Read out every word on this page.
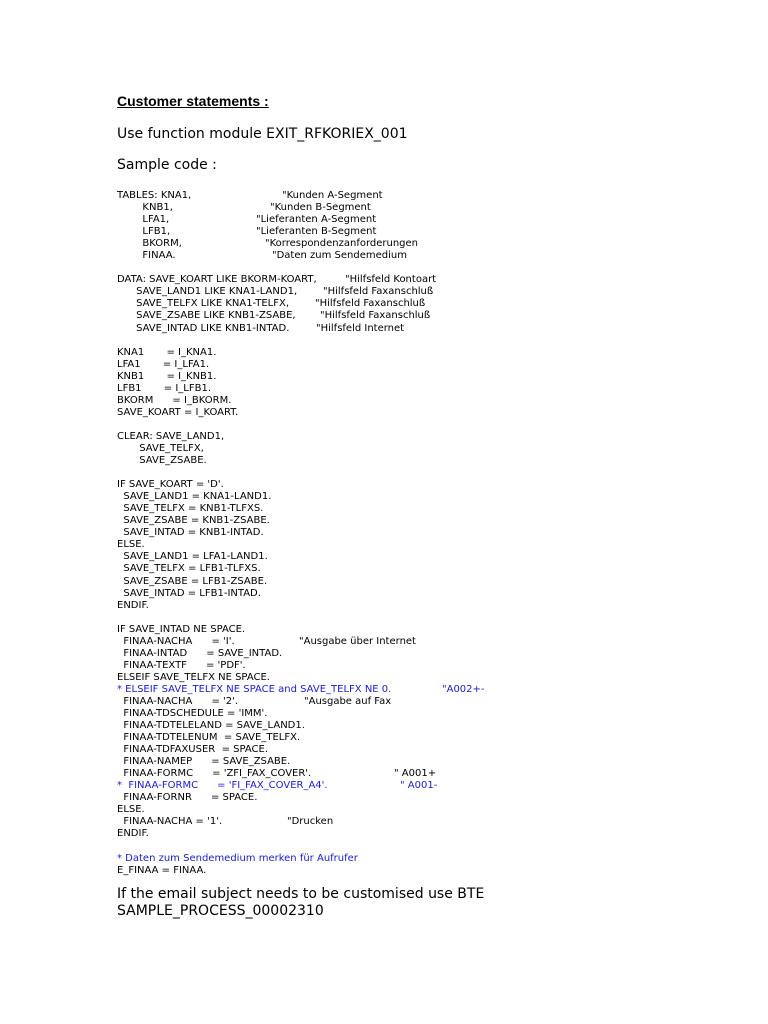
Customer statements :
Use function module EXIT_RFKORIEX_001
Sample code :
TABLES: KNA1,	"Kunden A-Segment
KNB1,	"Kunden B-Segment
LFA1,	"Lieferanten A-Segment
LFB1,	"Lieferanten B-Segment
BKORM,	"Korrespondenzanforderungen
FINAA.	"Daten zum Sendemedium
DATA: SAVE_KOART LIKE BKORM-KOART,	"Hilfsfeld Kontoart
SAVE_LAND1 LIKE KNA1-LAND1,	"Hilfsfeld Faxanschluß
SAVE_TELFX LIKE KNA1-TELFX,	"Hilfsfeld Faxanschluß
SAVE_ZSABE LIKE KNB1-ZSABE, "Hilfsfeld Faxanschluß
SAVE_INTAD LIKE KNB1-INTAD.	"Hilfsfeld Internet
KNA1       = I_KNA1.
LFA1       = I_LFA1.
KNB1       = I_KNB1.
LFB1       = I_LFB1.
BKORM      = I_BKORM.
SAVE_KOART = I_KOART.
CLEAR: SAVE_LAND1,
SAVE_TELFX,
SAVE_ZSABE.
IF SAVE_KOART = 'D'.
SAVE_LAND1 = KNA1-LAND1.
SAVE_TELFX = KNB1-TLFXS.
SAVE_ZSABE = KNB1-ZSABE.
SAVE_INTAD = KNB1-INTAD.
ELSE.
SAVE_LAND1 = LFA1-LAND1.
SAVE_TELFX = LFB1-TLFXS.
SAVE_ZSABE = LFB1-ZSABE.
SAVE_INTAD = LFB1-INTAD.
ENDIF.
IF SAVE_INTAD NE SPACE.
FINAA-NACHA      = 'I'.	"Ausgabe über Internet
FINAA-INTAD      = SAVE_INTAD.
FINAA-TEXTF      = 'PDF'.
ELSEIF SAVE_TELFX NE SPACE.
* ELSEIF SAVE_TELFX NE SPACE and SAVE_TELFX NE 0.	"A002+-
FINAA-NACHA      = '2'.	"Ausgabe auf Fax
FINAA-TDSCHEDULE = 'IMM'.
FINAA-TDTELELAND = SAVE_LAND1.
FINAA-TDTELENUM  = SAVE_TELFX.
FINAA-TDFAXUSER  = SPACE.
FINAA-NAMEP      = SAVE_ZSABE.
FINAA-FORMC      = 'ZFI_FAX_COVER'.	" A001+
*  FINAA-FORMC      = 'FI_FAX_COVER_A4'.	" A001-
FINAA-FORNR      = SPACE.
ELSE.
FINAA-NACHA = '1'.	"Drucken
ENDIF.
* Daten zum Sendemedium merken für Aufrufer
E_FINAA = FINAA.
If the email subject needs to be customised use BTE
SAMPLE_PROCESS_00002310
